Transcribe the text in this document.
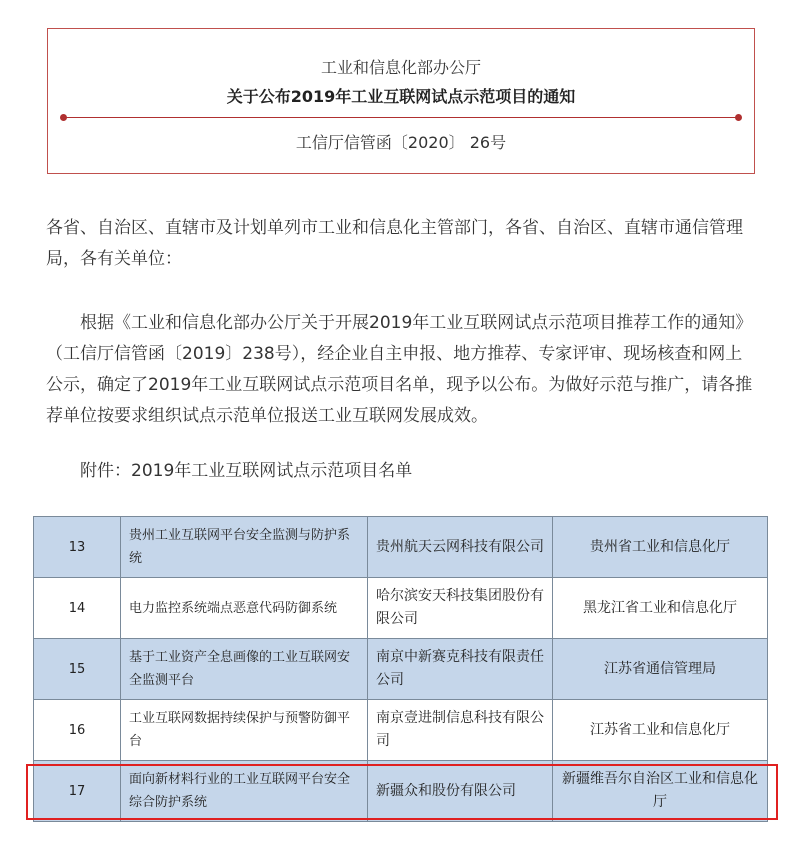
工业和信息化部办公厅
关于公布2019年工业互联网试点示范项目的通知
工信厅信管函〔2020〕 26号

各省、自治区、直辖市及计划单列市工业和信息化主管部门，各省、自治区、直辖市通信管理局，各有关单位：

根据《工业和信息化部办公厅关于开展2019年工业互联网试点示范项目推荐工作的通知》（工信厅信管函〔2019〕238号），经企业自主申报、地方推荐、专家评审、现场核查和网上公示，确定了2019年工业互联网试点示范项目名单，现予以公布。为做好示范与推广，请各推荐单位按要求组织试点示范单位报送工业互联网发展成效。

附件：2019年工业互联网试点示范项目名单

13	贵州工业互联网平台安全监测与防护系统	贵州航天云网科技有限公司	贵州省工业和信息化厅
14	电力监控系统端点恶意代码防御系统	哈尔滨安天科技集团股份有限公司	黑龙江省工业和信息化厅
15	基于工业资产全息画像的工业互联网安全监测平台	南京中新赛克科技有限责任公司	江苏省通信管理局
16	工业互联网数据持续保护与预警防御平台	南京壹进制信息科技有限公司	江苏省工业和信息化厅
17	面向新材料行业的工业互联网平台安全综合防护系统	新疆众和股份有限公司	新疆维吾尔自治区工业和信息化厅
